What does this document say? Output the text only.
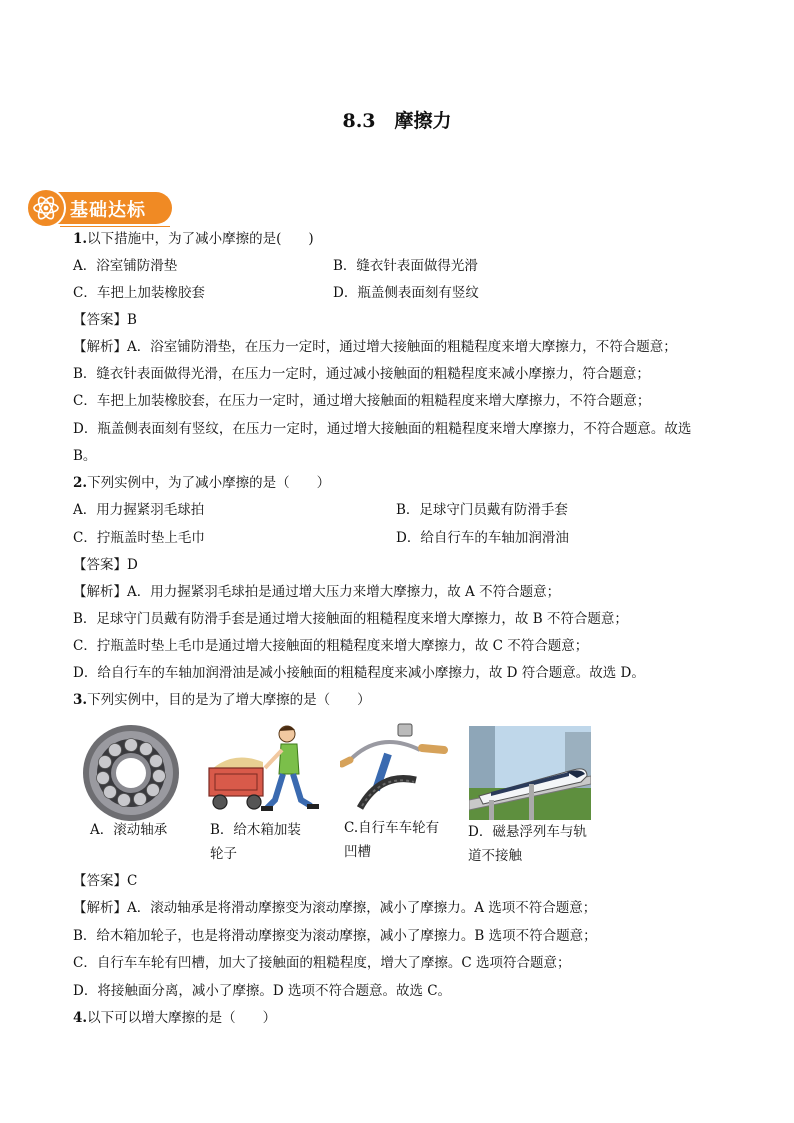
8.3　摩擦力
基础达标
1.以下措施中，为了减小摩擦的是(　　)
A．浴室铺防滑垫	B．缝衣针表面做得光滑
C．车把上加装橡胶套	D．瓶盖侧表面刻有竖纹
【答案】B
【解析】A．浴室铺防滑垫，在压力一定时，通过增大接触面的粗糙程度来增大摩擦力，不符合题意；
B．缝衣针表面做得光滑，在压力一定时，通过减小接触面的粗糙程度来减小摩擦力，符合题意；
C．车把上加装橡胶套，在压力一定时，通过增大接触面的粗糙程度来增大摩擦力，不符合题意；
D．瓶盖侧表面刻有竖纹，在压力一定时，通过增大接触面的粗糙程度来增大摩擦力，不符合题意。故选
B。
2.下列实例中，为了减小摩擦的是（　　）
A．用力握紧羽毛球拍	B．足球守门员戴有防滑手套
C．拧瓶盖时垫上毛巾	D．给自行车的车轴加润滑油
【答案】D
【解析】A．用力握紧羽毛球拍是通过增大压力来增大摩擦力，故 A 不符合题意；
B．足球守门员戴有防滑手套是通过增大接触面的粗糙程度来增大摩擦力，故 B 不符合题意；
C．拧瓶盖时垫上毛巾是通过增大接触面的粗糙程度来增大摩擦力，故 C 不符合题意；
D．给自行车的车轴加润滑油是减小接触面的粗糙程度来减小摩擦力，故 D 符合题意。故选 D。
3.下列实例中，目的是为了增大摩擦的是（　　）
A．滚动轴承	B．给木箱加装
轮子
C.自行车车轮有
凹槽
D．磁悬浮列车与轨
道不接触
【答案】C
【解析】A．滚动轴承是将滑动摩擦变为滚动摩擦，减小了摩擦力。A 选项不符合题意；
B．给木箱加轮子，也是将滑动摩擦变为滚动摩擦，减小了摩擦力。B 选项不符合题意；
C．自行车车轮有凹槽，加大了接触面的粗糙程度，增大了摩擦。C 选项符合题意；
D．将接触面分离，减小了摩擦。D 选项不符合题意。故选 C。
4.以下可以增大摩擦的是（　　）
